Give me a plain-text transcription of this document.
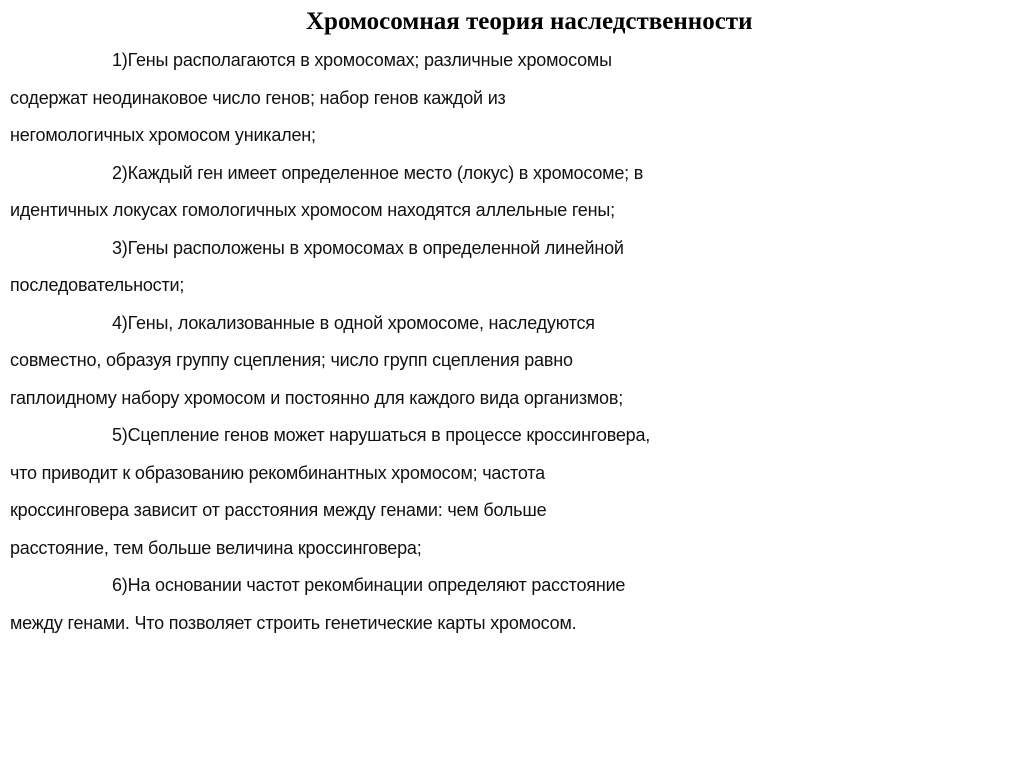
Хромосомная теория наследственности
1)Гены располагаются в хромосомах; различные хромосомы
содержат неодинаковое число генов; набор генов каждой из
негомологичных хромосом уникален;
2)Каждый ген имеет определенное место (локус) в хромосоме; в
идентичных локусах гомологичных хромосом находятся аллельные гены;
3)Гены расположены в хромосомах в определенной линейной
последовательности;
4)Гены, локализованные в одной хромосоме, наследуются
совместно, образуя группу сцепления; число групп сцепления равно
гаплоидному набору хромосом и постоянно для каждого вида организмов;
5)Сцепление генов может нарушаться в процессе кроссинговера,
что приводит к образованию рекомбинантных хромосом; частота
кроссинговера зависит от расстояния между генами: чем больше
расстояние, тем больше величина кроссинговера;
6)На основании частот рекомбинации определяют расстояние
между генами. Что позволяет строить генетические карты хромосом.
